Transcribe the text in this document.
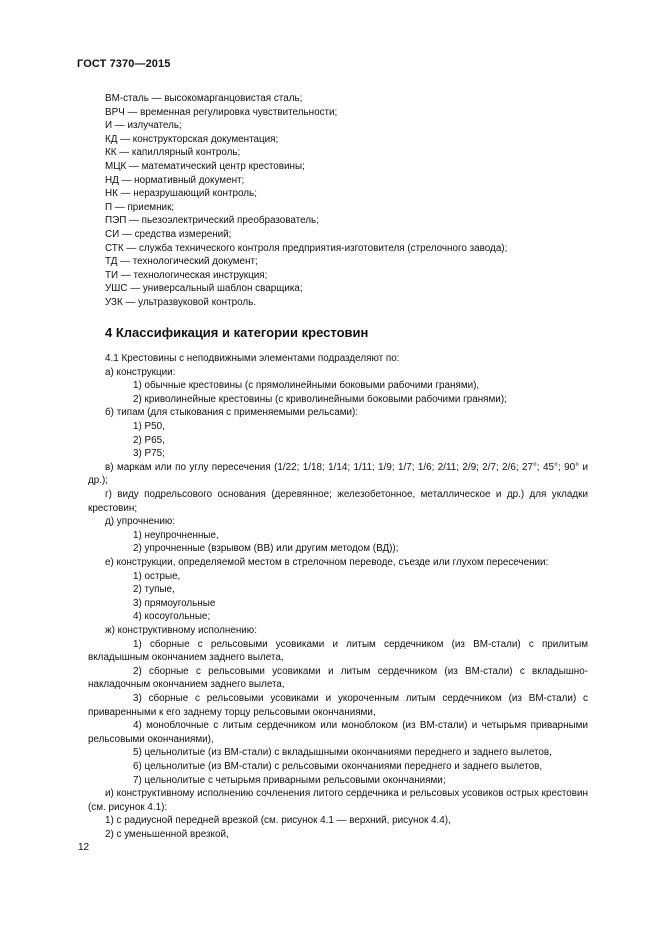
ГОСТ 7370—2015
ВМ-сталь — высокомарганцовистая сталь;
ВРЧ — временная регулировка чувствительности;
И — излучатель;
КД — конструкторская документация;
КК — капиллярный контроль;
МЦК — математический центр крестовины;
НД — нормативный документ;
НК — неразрушающий контроль;
П — приемник;
ПЭП — пьезоэлектрический преобразователь;
СИ — средства измерений;
СТК — служба технического контроля предприятия-изготовителя (стрелочного завода);
ТД — технологический документ;
ТИ — технологическая инструкция;
УШС — универсальный шаблон сварщика;
УЗК — ультразвуковой контроль.
4 Классификация и категории крестовин
4.1 Крестовины с неподвижными элементами подразделяют по:
а) конструкции:
1) обычные крестовины (с прямолинейными боковыми рабочими гранями),
2) криволинейные крестовины (с криволинейными боковыми рабочими гранями);
б) типам (для стыкования с применяемыми рельсами):
1) Р50,
2) Р65,
3) Р75;
в) маркам или по углу пересечения (1/22; 1/18; 1/14; 1/11; 1/9; 1/7; 1/6; 2/11; 2/9; 2/7; 2/6; 27°; 45°; 90° и др.);
г) виду подрельсового основания (деревянное; железобетонное, металлическое и др.) для укладки крестовин;
д) упрочнению:
1) неупрочненные,
2) упрочненные (взрывом (ВВ) или другим методом (ВД));
е) конструкции, определяемой местом в стрелочном переводе, съезде или глухом пересечении:
1) острые,
2) тупые,
3) прямоугольные
4) косоугольные;
ж) конструктивному исполнению:
1) сборные с рельсовыми усовиками и литым сердечником (из ВМ-стали) с прилитым вкладышным окончанием заднего вылета,
2) сборные с рельсовыми усовиками и литым сердечником (из ВМ-стали) с вкладышно-накладочным окончанием заднего вылета,
3) сборные с рельсовыми усовиками и укороченным литым сердечником (из ВМ-стали) с приваренными к его заднему торцу рельсовыми окончаниями,
4) моноблочные с литым сердечником или моноблоком (из ВМ-стали) и четырьмя приварными рельсовыми окончаниями),
5) цельнолитые (из ВМ-стали) с вкладышными окончаниями переднего и заднего вылетов,
6) цельнолитые (из ВМ-стали) с рельсовыми окончаниями переднего и заднего вылетов,
7) цельнолитые с четырьмя приварными рельсовыми окончаниями;
и) конструктивному исполнению сочленения литого сердечника и рельсовых усовиков острых крестовин (см. рисунок 4.1):
1) с радиусной передней врезкой (см. рисунок 4.1 — верхний, рисунок 4.4),
2) с уменьшенной врезкой,
12
